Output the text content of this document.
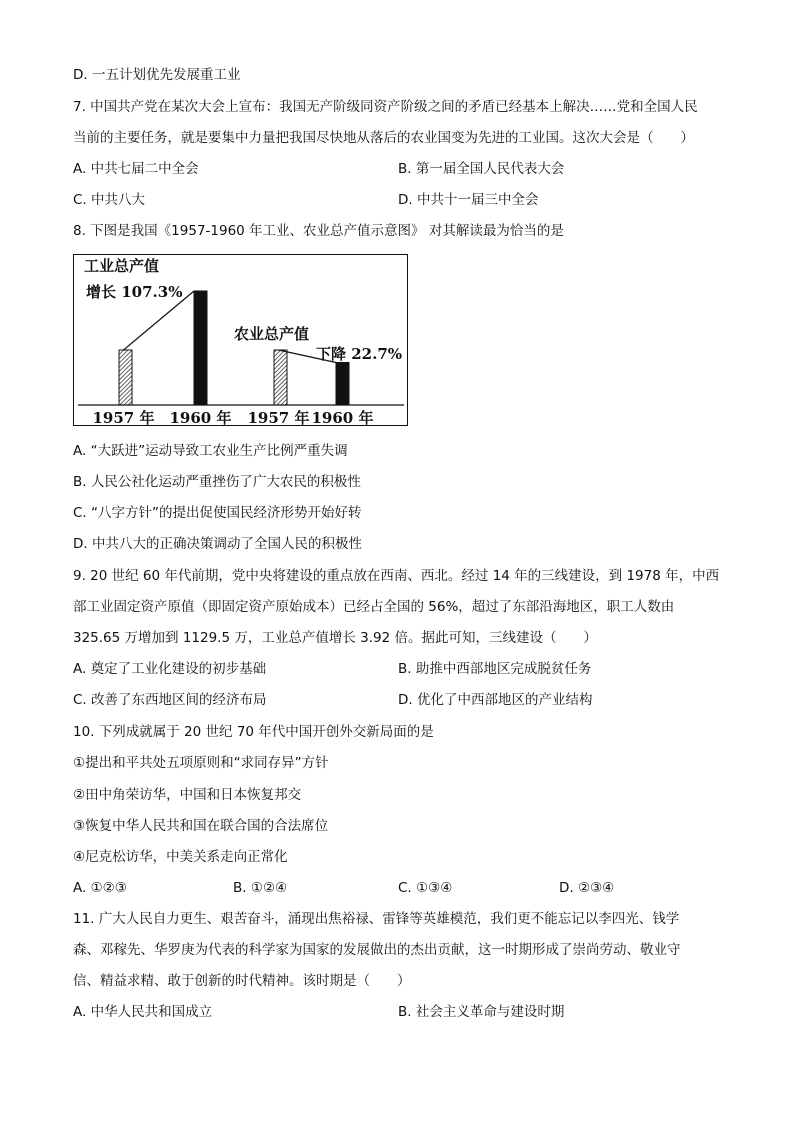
D. 一五计划优先发展重工业
7. 中国共产党在某次大会上宣布：我国无产阶级同资产阶级之间的矛盾已经基本上解决……党和全国人民
当前的主要任务，就是要集中力量把我国尽快地从落后的农业国变为先进的工业国。这次大会是（　　）
A. 中共七届二中全会	B. 第一届全国人民代表大会
C. 中共八大	D. 中共十一届三中全会
8. 下图是我国《1957-1960 年工业、农业总产值示意图》 对其解读最为恰当的是
1957 年 1960 年
工业总产值
增长 107.3%
1957 年 1960 年
农业总产值
下降 22.7%
A. “大跃进”运动导致工农业生产比例严重失调
B. 人民公社化运动严重挫伤了广大农民的积极性
C. “八字方针”的提出促使国民经济形势开始好转
D. 中共八大的正确决策调动了全国人民的积极性
9. 20 世纪 60 年代前期，党中央将建设的重点放在西南、西北。经过 14 年的三线建设，到 1978 年，中西
部工业固定资产原值（即固定资产原始成本）已经占全国的 56%，超过了东部沿海地区，职工人数由
325.65 万增加到 1129.5 万，工业总产值增长 3.92 倍。据此可知，三线建设（　　）
A. 奠定了工业化建设的初步基础	B. 助推中西部地区完成脱贫任务
C. 改善了东西地区间的经济布局	D. 优化了中西部地区的产业结构
10. 下列成就属于 20 世纪 70 年代中国开创外交新局面的是
①提出和平共处五项原则和“求同存异”方针
②田中角荣访华，中国和日本恢复邦交
③恢复中华人民共和国在联合国的合法席位
④尼克松访华，中美关系走向正常化
A. ①②③	B. ①②④	C. ①③④	D. ②③④
11. 广大人民自力更生、艰苦奋斗，涌现出焦裕禄、雷锋等英雄模范，我们更不能忘记以李四光、钱学
森、邓稼先、华罗庚为代表的科学家为国家的发展做出的杰出贡献，这一时期形成了崇尚劳动、敬业守
信、精益求精、敢于创新的时代精神。该时期是（　　）
A. 中华人民共和国成立	B. 社会主义革命与建设时期
